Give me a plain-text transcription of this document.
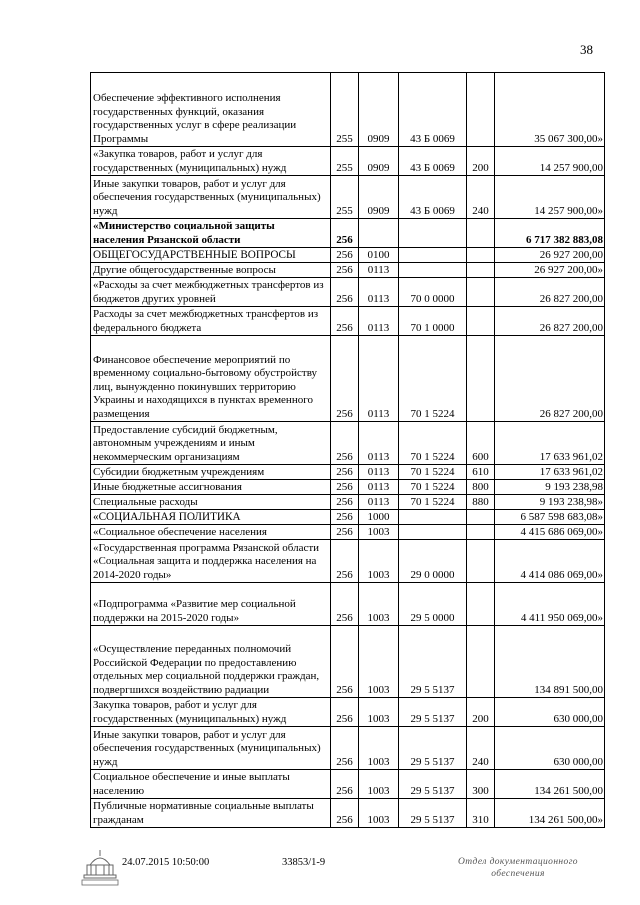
38
Обеспечение эффективного исполнения государственных функций, оказания государственных услуг в сфере реализации Программы	255	0909	43 Б 0069		35 067 300,00»
«Закупка товаров, работ и услуг для государственных (муниципальных) нужд	255	0909	43 Б 0069	200	14 257 900,00
Иные закупки товаров, работ и услуг для обеспечения государственных (муниципальных) нужд	255	0909	43 Б 0069	240	14 257 900,00»
«Министерство социальной защиты населения Рязанской области	256				6 717 382 883,08
ОБЩЕГОСУДАРСТВЕННЫЕ ВОПРОСЫ	256	0100			26 927 200,00
Другие общегосударственные вопросы	256	0113			26 927 200,00»
«Расходы за счет межбюджетных трансфертов из бюджетов других уровней	256	0113	70 0 0000		26 827 200,00
Расходы за счет межбюджетных трансфертов из федерального бюджета	256	0113	70 1 0000		26 827 200,00
Финансовое обеспечение мероприятий по временному социально-бытовому обустройству лиц, вынужденно покинувших территорию Украины и находящихся в пунктах временного размещения	256	0113	70 1 5224		26 827 200,00
Предоставление субсидий бюджетным, автономным учреждениям и иным некоммерческим организациям	256	0113	70 1 5224	600	17 633 961,02
Субсидии бюджетным учреждениям	256	0113	70 1 5224	610	17 633 961,02
Иные бюджетные ассигнования	256	0113	70 1 5224	800	9 193 238,98
Специальные расходы	256	0113	70 1 5224	880	9 193 238,98»
«СОЦИАЛЬНАЯ ПОЛИТИКА	256	1000			6 587 598 683,08»
«Социальное обеспечение населения	256	1003			4 415 686 069,00»
«Государственная программа Рязанской области «Социальная защита и поддержка населения на 2014-2020 годы»	256	1003	29 0 0000		4 414 086 069,00»
«Подпрограмма «Развитие мер социальной поддержки на 2015-2020 годы»	256	1003	29 5 0000		4 411 950 069,00»
«Осуществление переданных полномочий Российской Федерации по предоставлению отдельных мер социальной поддержки граждан, подвергшихся воздействию радиации	256	1003	29 5 5137		134 891 500,00
Закупка товаров, работ и услуг для государственных (муниципальных) нужд	256	1003	29 5 5137	200	630 000,00
Иные закупки товаров, работ и услуг для обеспечения государственных (муниципальных) нужд	256	1003	29 5 5137	240	630 000,00
Социальное обеспечение и иные выплаты населению	256	1003	29 5 5137	300	134 261 500,00
Публичные нормативные социальные выплаты гражданам	256	1003	29 5 5137	310	134 261 500,00»
24.07.2015 10:50:00	33853/1-9	Отдел документационного
обеспечения
